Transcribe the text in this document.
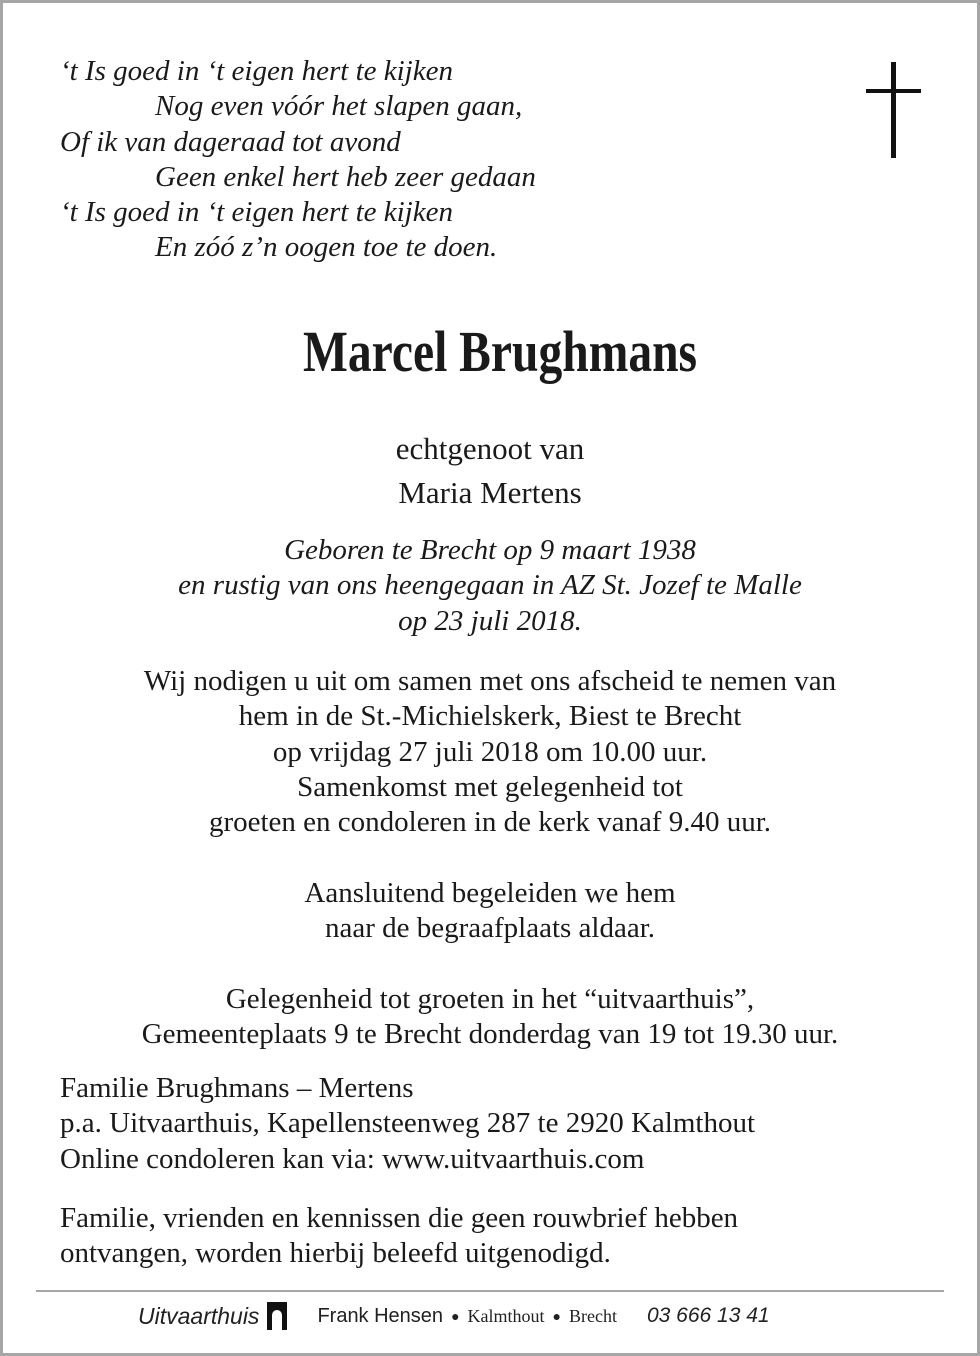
‘t Is goed in ‘t eigen hert te kijken
Nog even vóór het slapen gaan,
Of ik van dageraad tot avond
Geen enkel hert heb zeer gedaan
‘t Is goed in ‘t eigen hert te kijken
En zóó z’n oogen toe te doen.
Marcel Brughmans
echtgenoot van
Maria Mertens
Geboren te Brecht op 9 maart 1938
en rustig van ons heengegaan in AZ St. Jozef te Malle
op 23 juli 2018.
Wij nodigen u uit om samen met ons afscheid te nemen van
hem in de St.-Michielskerk, Biest te Brecht
op vrijdag 27 juli 2018 om 10.00 uur.
Samenkomst met gelegenheid tot
groeten en condoleren in de kerk vanaf 9.40 uur.
Aansluitend begeleiden we hem
naar de begraafplaats aldaar.
Gelegenheid tot groeten in het “uitvaarthuis”,
Gemeenteplaats 9 te Brecht donderdag van 19 tot 19.30 uur.
Familie Brughmans – Mertens
p.a. Uitvaarthuis, Kapellensteenweg 287 te 2920 Kalmthout
Online condoleren kan via: www.uitvaarthuis.com
Familie, vrienden en kennissen die geen rouwbrief hebben
ontvangen, worden hierbij beleefd uitgenodigd.
Uitvaarthuis	Frank Hensen ● Kalmthout ● Brecht 03 666 13 41
